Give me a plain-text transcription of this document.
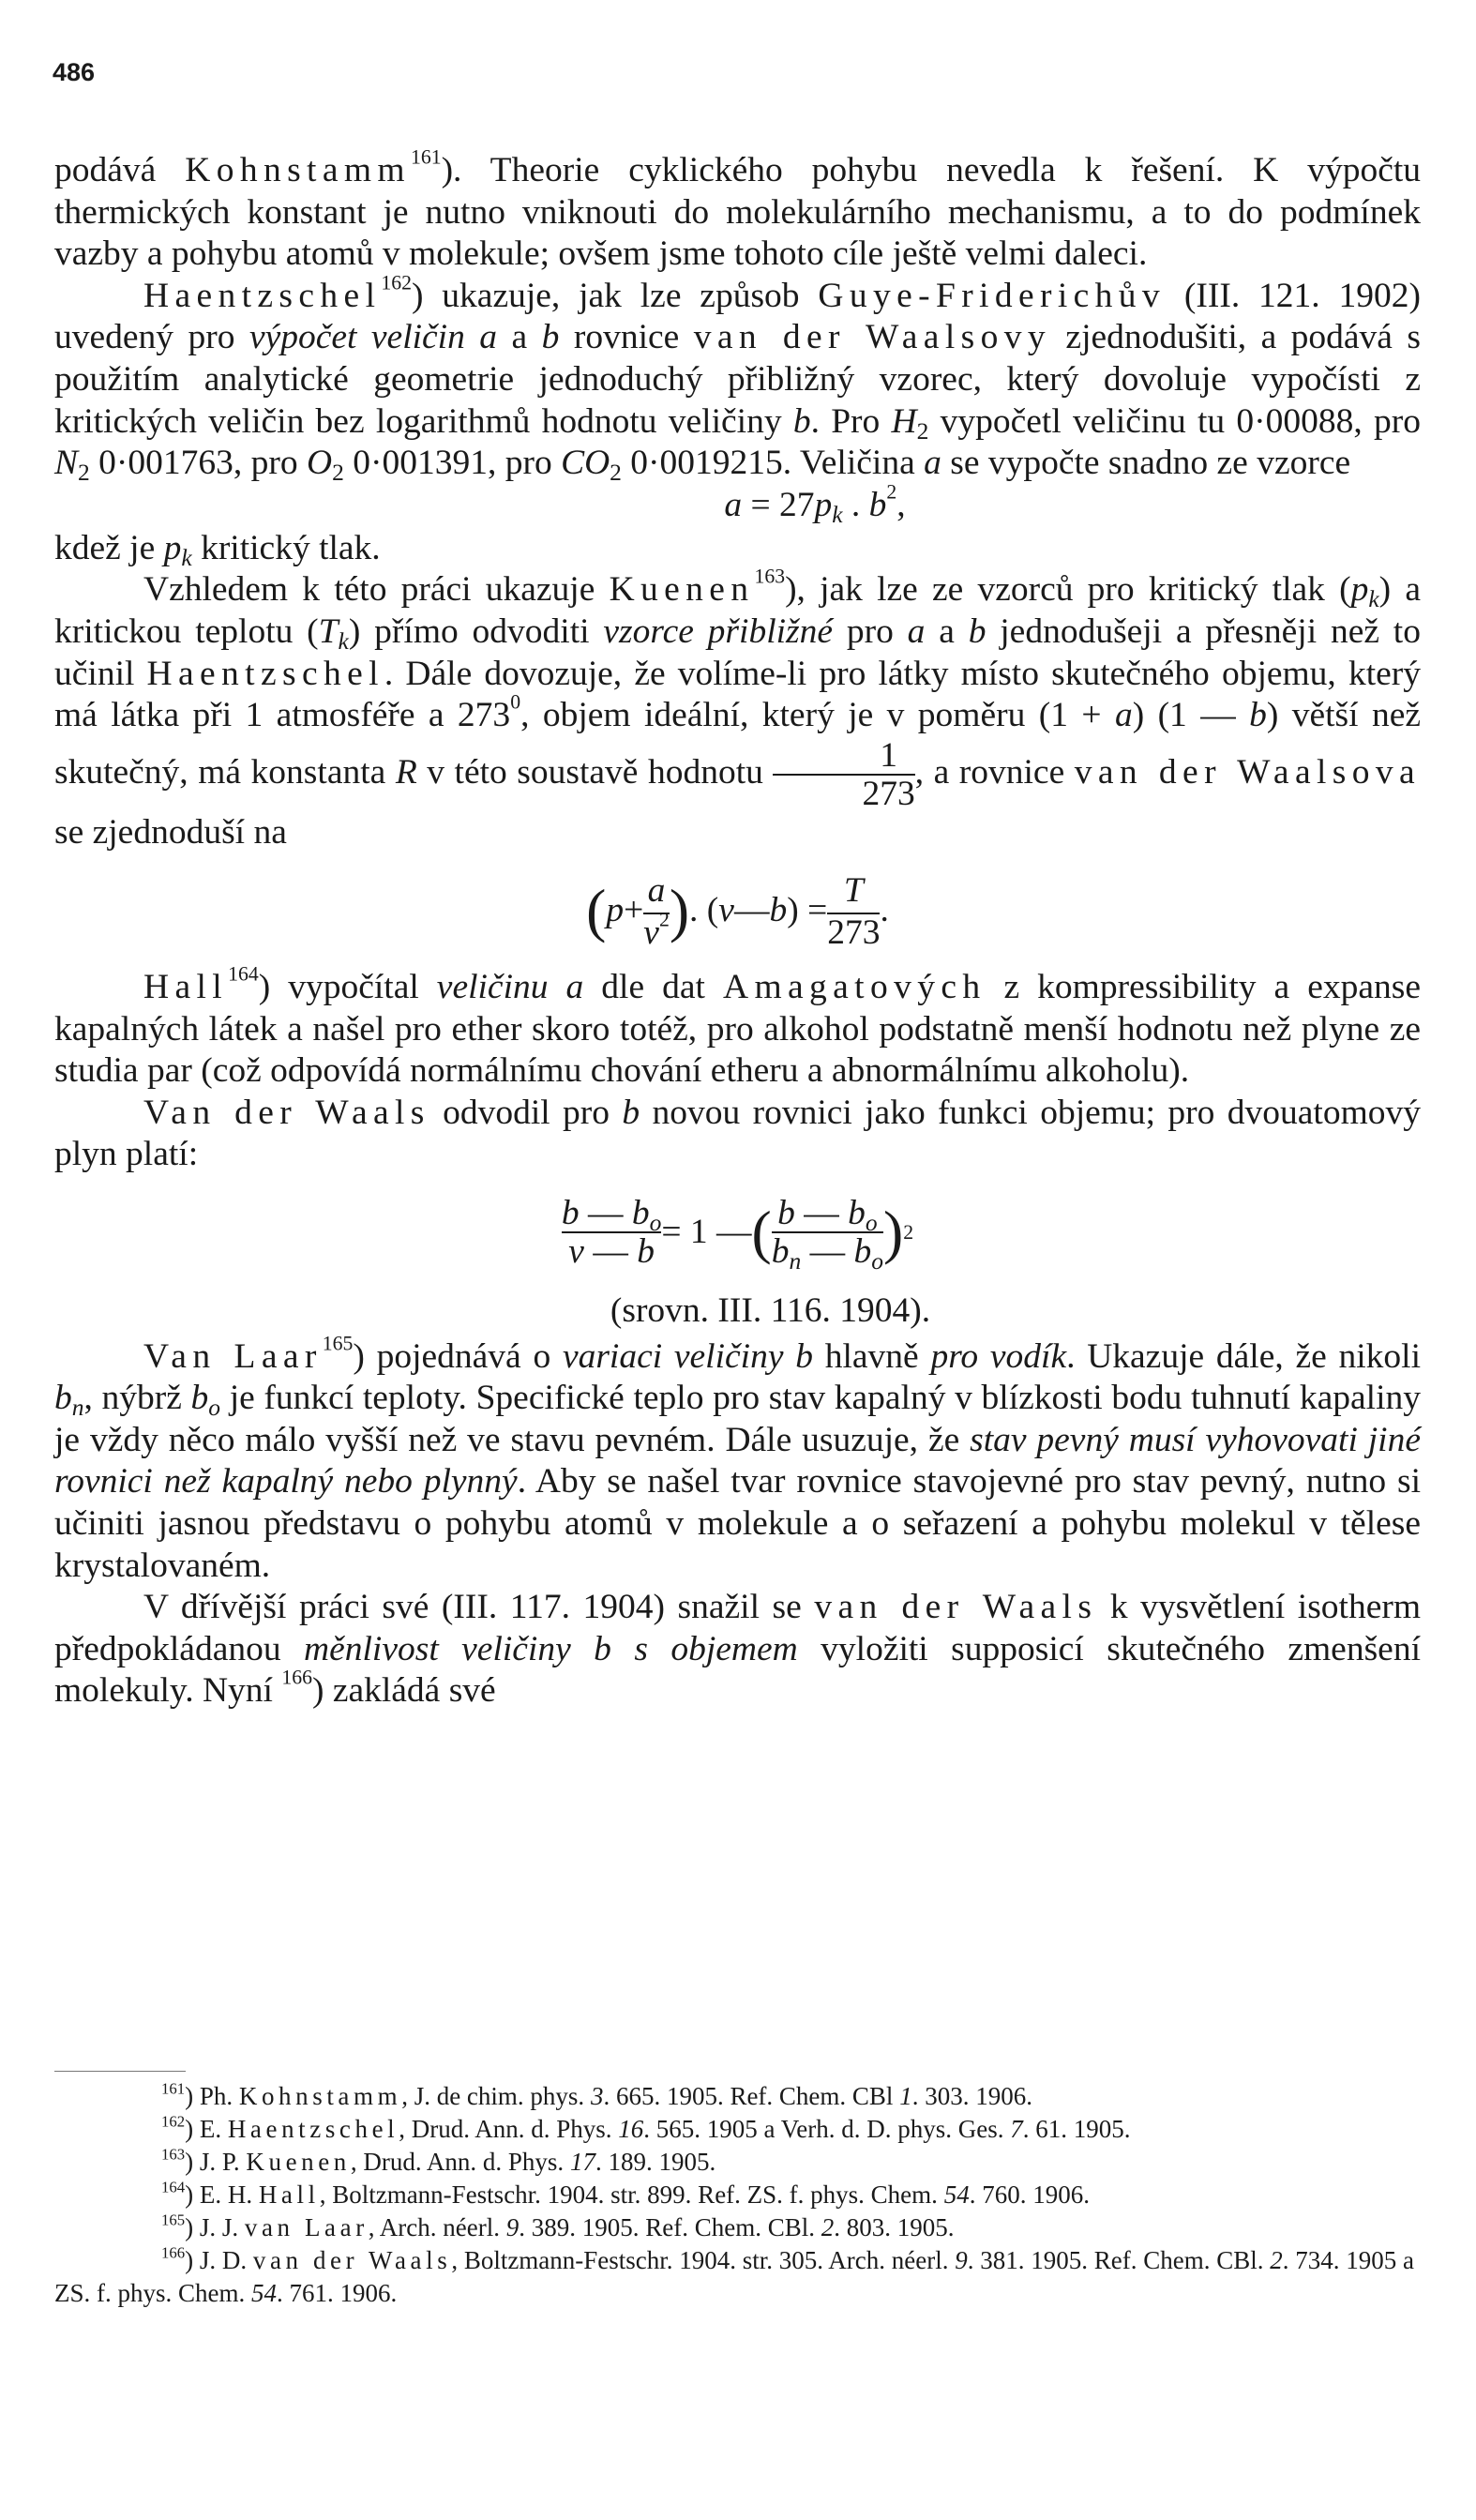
486

podává Kohnstamm$^{161}$). Theorie cyklického pohybu nevedla k řešení. K výpočtu thermických konstant je nutno vniknouti do molekulárního mechanismu, a to do podmínek vazby a pohybu atomů v molekule; ovšem jsme tohoto cíle ještě velmi daleci.

Haentzschel$^{162}$) ukazuje, jak lze způsob Guye-Friderichův (III. 121. 1902) uvedený pro výpočet veličin a a b rovnice van der Waalsovy zjednodušiti, a podává s použitím analytické geometrie jednoduchý přibližný vzorec, který dovoluje vypočísti z kritických veličin bez logarithmů hodnotu veličiny b. Pro $H_2$ vypočetl veličinu tu 0·00088, pro $N_2$ 0·001763, pro $O_2$ 0·001391, pro $CO_2$ 0·0019215. Veličina a se vypočte snadno ze vzorce

$a = 27p_k$ . $b^2$,

kdež je $p_k$ kritický tlak.

Vzhledem k této práci ukazuje Kuenen$^{163}$), jak lze ze vzorců pro kritický tlak $(p_k)$ a kritickou teplotu $(T_k)$ přímo odvoditi vzorce přibližné pro a a b jednodušeji a přesněji než to učinil Haentzschel. Dále dovozuje, že volíme-li pro látky místo skutečného objemu, který má látka při 1 atmosféře a $273^0$, objem ideální, který je v poměru (1 + a) (1 — b) větší než skutečný, má konstanta R v této soustavě hodnotu $\frac{1}{273}$ , a rovnice van der Waalsova se zjednoduší na

( $p + \frac{a}{v^2}$ ) . ( v — b ) = $\frac{T}{273}$ .

Hall$^{164}$) vypočítal veličinu a dle dat Amagatových z kompressibility a expanse kapalných látek a našel pro ether skoro totéž, pro alkohol podstatně menší hodnotu než plyne ze studia par (což odpovídá normálnímu chování etheru a abnormálnímu alkoholu).

Van der Waals odvodil pro b novou rovnici jako funkci objemu; pro dvouatomový plyn platí:

$\frac{b — b_o}{v — b} = 1$ — ( $\frac{b — b_o}{b_n — b_o}$ ) 2
(srovn. III. 116. 1904).

Van Laar$^{165}$) pojednává o variaci veličiny b hlavně pro vodík. Ukazuje dále, že nikoli $b_n$, nýbrž $b_o$ je funkcí teploty. Specifické teplo pro stav kapalný v blízkosti bodu tuhnutí kapaliny je vždy něco málo vyšší než ve stavu pevném. Dále usuzuje, že stav pevný musí vyhovovati jiné rovnici než kapalný nebo plynný. Aby se našel tvar rovnice stavojevné pro stav pevný, nutno si učiniti jasnou představu o pohybu atomů v molekule a o seřazení a pohybu molekul v tělese krystalovaném.

V dřívější práci své (III. 117. 1904) snažil se van der Waals k vysvětlení isotherm předpokládanou měnlivost veličiny b s objemem vyložiti supposicí skutečného zmenšení molekuly. Nyní $^{166}$) zakládá své

$^{161}$) Ph. Kohnstamm, J. de chim. phys. 3. 665. 1905. Ref. Chem. CBl 1. 303. 1906.

$^{162}$) E. Haentzschel, Drud. Ann. d. Phys. 16. 565. 1905 a Verh. d. D. phys. Ges. 7. 61. 1905.

$^{163}$) J. P. Kuenen, Drud. Ann. d. Phys. 17. 189. 1905.

$^{164}$) E. H. Hall, Boltzmann-Festschr. 1904. str. 899. Ref. ZS. f. phys. Chem. 54. 760. 1906.

$^{165}$) J. J. van Laar, Arch. néerl. 9. 389. 1905. Ref. Chem. CBl. 2. 803. 1905.

$^{166}$) J. D. van der Waals, Boltzmann-Festschr. 1904. str. 305. Arch. néerl. 9. 381. 1905. Ref. Chem. CBl. 2. 734. 1905 a ZS. f. phys. Chem. 54. 761. 1906.
